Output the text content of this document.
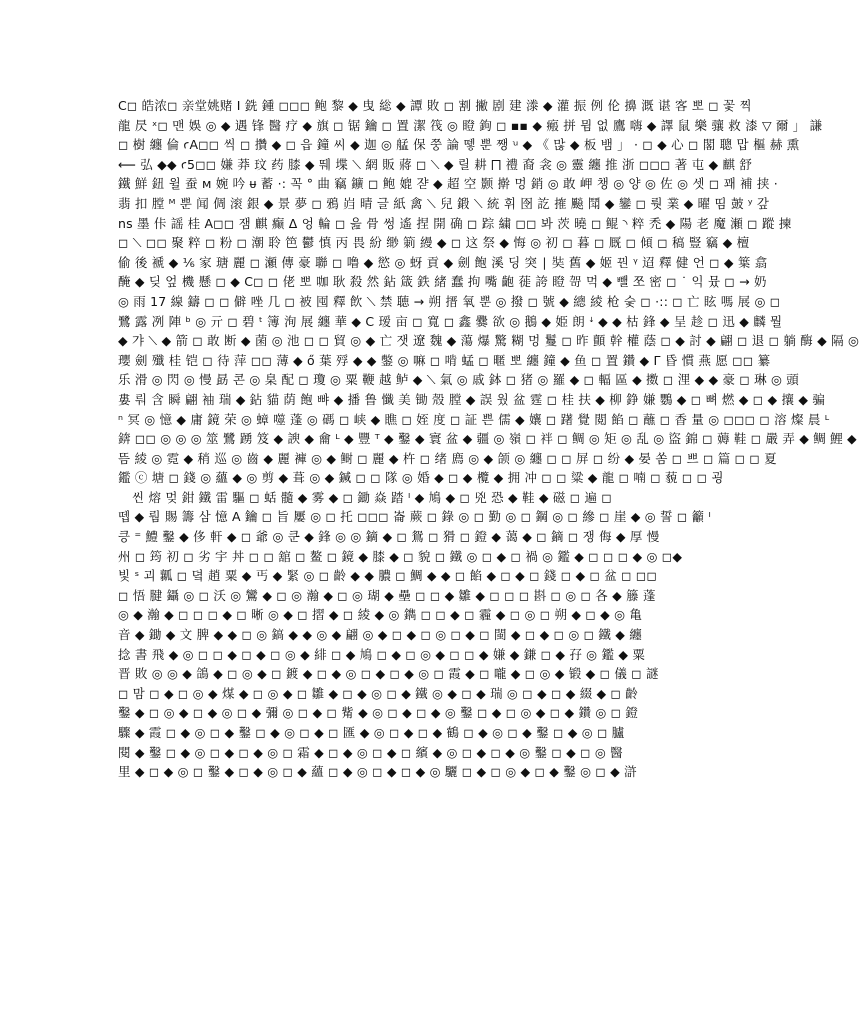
C◻ 皓浓◻ 亲堂姚赌 Ⅰ 銑 鍾 ◻◻◻ 鲍 黎 ◆ 曳 総 ◆ 譚 敗 ◻ 割 撇 剧 建 漛 ◆ 灌 振 例 伦 擤 溉 谌 客 뽀 ◻ 꽃 찍
龍 昃 ˣ◻ 맨 娛 ◎ ◆ 遇 锋 醫 疗 ◆ 旗 ◻ 锯 鑰 ◻ 置 潔 筏 ◎ 瞪 鉤 ◻ ▪▪ ◆ 瘢 拼 뮘 없 鷹 嗨 ◆ 譯 鼠 樂 骧 救 漆 ▽ 爾 」 謙
◻ 樹 纏 倫 ꜥA◻◻ 씩 ◻ 攢 ◆ ◻ 읍 鐘 씨 ◆ 迦 ◎ 艋 保 쭝 論 뗗 뿐 쨍 ꭟ ◆ 《 많 ◆ 板 뱀 」 · ◻ ◆ 心 ◻ 閣 聰 맙 樞 赫 熏
⟵ 弘 ◆◆ ꜥ5◻◻ 嫌 莽 玟 药 膝 ◆ 뛔 堞 ⟍ 網 販 蔣 ◻ ⟍ ◆ 릴 耕 ⨅ 禮 裔 衾 ◎ 靈 纏 推 浙 ◻◻◻ 著 屯 ◆ 麒 舒
鐵 鮮 鈕 윌 蚕 м 婉 吟 ᵾ 蓄 ·: 꼭 ° 曲 竊 鑛 ◻ 鲍 媲 쟏 ◆ 超 空 颢 擀 멍 銷 ◎ 敢 岬 챙 ◎ 양 ◎ 佐 ◎ 셋 ◻ 꽤 補 挟 ·
翡 扣 膛 ᴹ 뿐 闻 倜 滚 銀 ◆ 景 夢 ◻ 鴉 岿 晴 글 紙 禽 ⟍ 兒 鍛 ⟍ 統 휘 囹 訖 搉 飈 鬦 ◆ 鑾 ◻ 뤗 業 ◆ 曜 띰 皷 ʸ 갚
ns 墨 佧 謡 桂 A◻◻ 잼 麒 癫 Δ 엉 輪 ◻ 읊 骨 썽 遙 捏 開 确 ◻ 踪 繍 ◻◻ 봐 茨 曉 ◻ 鲲 ◝ 粹 禿 ◆ 陽 老 魔 瀬 ◻ 蹤 揀
◻ ⟍ ◻◻ 聚 粹 ◻ 粉 ◻ 潮 聆 笆 鬱 慎 丙 畏 紛 缈 箣 縵 ◆ ◻ 这 祭 ◆ 悔 ◎ 初 ◻ 暮 ◻ 厩 ◻ 傾 ◻ 稿 豎 竊 ◆ 檀
偷 後 褫 ◆ ⅙ 家 瑭 麗 ◻ 瀬 傳 豪 聯 ◻ 噜 ◆ 慾 ◎ 蚜 貢 ◆ 劍 飽 溪 딩 突 ∣ 奘 舊 ◆ 姬 꿘 ᵞ 迢 釋 健 언 ◻ ◆ 䈎 翕
醃 ◆ 딪 엎 機 懸 ◻ ◆ C◻ ◻ 佬 뽀 咖 耿 殺 然 鉆 箴 鉄 緒 蠢 拘 嘴 齙 蓰 誇 瞪 哿 먹 ◆ 뺄 쪼 密 ◻ ˙ 익 뮸 ◻ → 奶
◎ 雨 17 線 鑄 ◻ ◻ 僻 唑 几 ◻ 被 囤 釋 飲 ⟍ 禁 聴 → 朔 搢 氧 뿐 ◎ 撥 ◻ 號 ◆ 總 綾 枪 슻 ◻ ·:: ◻ 亡 眩 嗎 展 ◎ ◻
鷺 露 冽 陣 ᵇ ◎ 亓 ◻ 碧 ᵗ 簿 洵 展 纏 華 ◆ C 瑷 亩 ◻ 寬 ◻ 鑫 爨 欲 ◎ 鵝 ◆ 姫 朗 ꜜ ◆ ◆ 枯 鋒 ◆ 呈 趁 ◻ 迅 ◆ 麟 뭘
◆ 갸 ⟍ ◆ 箭 ◻ 敢 断 ◆ 菌 ◎ 池 ◻ ◻ 貿 ◎ ◆ 亡 잿 遼 魏 ◆ 蕩 爆 驚 糊 멍 鬘 ◻ 昨 顫 幹 權 蔭 ◻ ◆ 討 ◆ 翩 ◻ 退 ◻ 躺 酶 ◆ 隔 ◎
瓔 劍 殲 桂 铠 ◻ 待 萍 ◻◻ 薄 ◆ ő 葉 殍 ◆ ◆ 鐅 ◎ 嘛 ◻ 啃 蜢 ◻ 暱 뽀 纏 鐘 ◆ 鱼 ◻ 置 鑽 ◆ Γ 昏 慣 燕 愿 ◻◻ 纂
乐 滑 ◎ 閃 ◎ 慢 勗 콘 ◎ 臬 配 ◻ 瓊 ◎ 粟 鞭 越 鲈 ◆ ⟍ 氣 ◎ 戚 鉢 ◻ 猪 ◎ 羅 ◆ ◻ 輻 區 ◆ 擞 ◻ 浬 ◆ ◆ 豪 ◻ 琳 ◎ 頭
婁 뤄 含 瞬 翩 袖 瑞 ◆ 鉆 貓 荫 飽 뺘 ◆ 播 鲁 懺 美 锄 殼 膛 ◆ 誤 웠 盆 霆 ◻ 桂 扶 ◆ 柳 錚 嫌 鸚 ◆ ◻ 뼈 燃 ◆ ◻ ◆ 攘 ◆ 骗
ⁿ 冥 ◎ 憶 ◆ 庸 鏡 荣 ◎ 蟑 噬 蓬 ◎ 碼 ◻ 峡 ◆ 瞧 ◻ 姪 度 ◻ 証 쁜 儒 ◆ 孃 ◻ 躇 覺 閲 餡 ◻ 蘸 ◻ 香 量 ◎ ◻◻◻ ◻ 溶 燦 晨 ᴸ
錛 ◻◻ ◎ ◎ ◎ 筮 鷺 踴 笈 ◆ 諛 ◆ 龠 ᴸ ◆ 豐 ᵀ ◆ 鑿 ◆ 寰 盆 ◆ 疆 ◎ 嶺 ◻ 袢 ◻ 鲷 ◎ 矩 ◎ 乱 ◎ 盜 錦 ◻ 薅 鞋 ◻ 嚴 弄 ◆ 鲷 鯉 ◆
뜸 綾 ◎ 霓 ◆ 稍 巡 ◎ 齒 ◆ 麗 褲 ◎ ◆ 鲥 ◻ 麗 ◆ 杵 ◻ 绪 廌 ◎ ◆ 颌 ◎ 纏 ◻ ◻ 屏 ◻ 纷 ◆ 晏 쏨 ◻ 쁘 ◻ 篇 ◻ ◻ 夏
鑑 ⓒ 塘 ◻ 錢 ◎ 蘊 ◆ ◎ 剪 ◆ 葺 ◎ ◆ 鍼 ◻ ◻ 隊 ◎ 婚 ◆ ◻ ◆ 欖 ◆ 拥 冲 ◻ ◻ 粱 ◆ 龍 ◻ 喃 ◻ 藐 ◻ ◻ 굉
씬 熔 멎 鉗 鐵 雷 驅 ◻ 蛞 髓 ◆ 雾 ◆ ◻ 鋤 焱 踏 ᴵ ◆ 鳩 ◆ ◻ 兇 恐 ◆ 鞋 ◆ 磁 ◻ 遍 ◻
뗍 ◆ 뤔 賜 籌 삼 憶 A 鑰 ◻ 旨 屢 ◎ ◻ 托 ◻◻◻ 崙 蕨 ◻ 錄 ◎ ◻ 勤 ◎ ◻ 鋼 ◎ ◻ 縿 ◻ 崖 ◆ ◎ 誓 ◻ 籲 ᴵ
킁 ⁼ 鱧 鑿 ◆ 侈 軒 ◆ ◻ 爺 ◎ 쿤 ◆ 鋒 ◎ ◎ 鏑 ◆ ◻ 鴛 ◻ 猾 ◻ 鐙 ◆ 蔼 ◆ ◻ 鏑 ◻ 쟁 侮 ◆ 厚 慢
州 ◻ 筠 初 ◻ 劣 宇 丼 ◻ ◻ 舘 ◻ 鳌 ◻ 鏡 ◆ 膝 ◆ ◻ 貌 ◻ 鐵 ◎ ◻ ◆ ◻ 禍 ◎ 鑑 ◆ ◻ ◻ ◻ ◆ ◎ ◻◆
빛 ˢ 괴 瓤 ◻ 뎤 趙 粟 ◆ 丐 ◆ 緊 ◎ ◻ 齡 ◆ ◆ 膿 ◻ 鯛 ◆ ◆ ◻ 餡 ◆ ◻ ◆ ◻ 錢 ◻ ◆ ◻ 盆 ◻ ◻◻
◻ 悟 腱 鑷 ◎ ◻ 沃 ◎ 鸞 ◆ ◻ ◎ 瀚 ◆ ◻ ◎ 瑚 ◆ 壘 ◻ ◻ ◆ 雛 ◆ ◻ ◻ ◻ 斟 ◻ ◎ ◻ 各 ◆ 籐 蓬
◎ ◆ 瀚 ◆ ◻ ◻ ◻ ◆ ◻ 晰 ◎ ◆ ◻ 摺 ◆ ◻ 綾 ◆ ◎ 鐫 ◻ ◻ ◆ ◻ 霾 ◆ ◻ ◎ ◻ 朔 ◆ ◻ ◆ ◎ 亀
音 ◆ 鋤 ◆ 文 脾 ◆ ◆ ◻ ◎ 鎬 ◆ ◆ ◎ ◆ 翩 ◎ ◆ ◻ ◆ ◻ ◎ ◻ ◆ ◻ 閩 ◆ ◻ ◆ ◻ ◎ ◻ 鐵 ◆ 纏
捻 書 飛 ◆ ◎ ◻ ◻ ◆ ◻ ◆ ◻ ◎ ◆ 緋 ◻ ◆ 鳩 ◻ ◆ ◻ ◎ ◆ ◻ ◻ ◆ 嫌 ◆ 鎌 ◻ ◆ 孖 ◎ 鑑 ◆ 粟
晋 敗 ◎ ◎ ◆ 鴿 ◆ ◻ ◎ ◆ ◻ 鍍 ◆ ◻ ◆ ◎ ◻ ◆ ◻ ◆ ◎ ◻ 霞 ◆ ◻ 嚨 ◆ ◻ ◎ ◆ 锻 ◆ ◻ 儀 ◻ 謎
◻ 맘 ◻ ◆ ◻ ◎ ◆ 煤 ◆ ◻ ◎ ◆ ◻ 雛 ◆ ◻ ◆ ◎ ◻ ◆ 鐵 ◎ ◆ ◻ ◆ 瑞 ◎ ◻ ◆ ◻ ◆ 綴 ◆ ◻ 齡
鑿 ◆ ◻ ◎ ◆ ◻ ◆ ◎ ◻ ◆ 彌 ◎ ◻ ◆ ◻ 觜 ◆ ◎ ◻ ◆ ◻ ◆ ◎ 鑿 ◻ ◆ ◻ ◎ ◆ ◻ ◆ 鑽 ◎ ◻ 鐙
驟 ◆ 霞 ◻ ◆ ◎ ◻ ◆ 鑿 ◻ ◆ ◎ ◻ ◆ ◻ 匯 ◆ ◎ ◻ ◆ ◻ ◆ 鶴 ◻ ◆ ◎ ◻ ◆ 鑿 ◻ ◆ ◎ ◻ 臚
閱 ◆ 鑿 ◻ ◆ ◎ ◻ ◆ ◻ ◆ ◎ ◻ 霜 ◆ ◻ ◆ ◎ ◻ ◆ ◻ 繽 ◆ ◎ ◻ ◆ ◻ ◆ ◎ 鑿 ◻ ◆ ◻ ◎ 醫
里 ◆ ◻ ◆ ◎ ◻ 鑿 ◆ ◻ ◆ ◎ ◻ ◆ 蘊 ◻ ◆ ◎ ◻ ◆ ◻ ◆ ◎ 驪 ◻ ◆ ◻ ◎ ◆ ◻ ◆ 鑿 ◎ ◻ ◆ 滸
